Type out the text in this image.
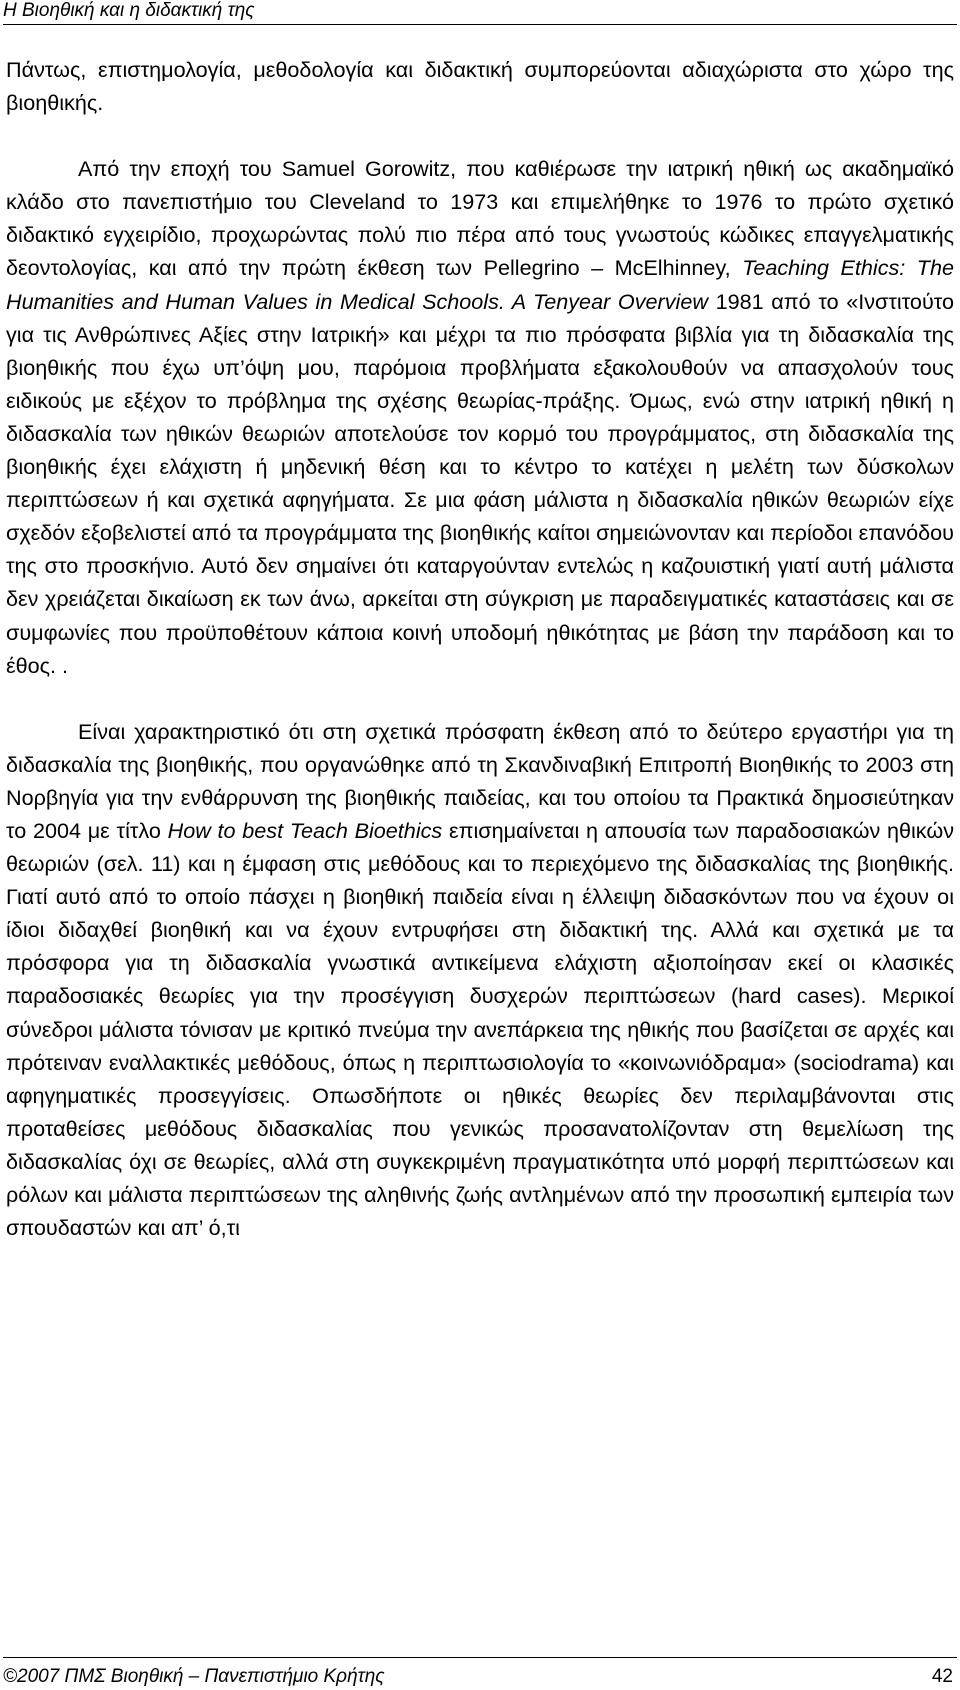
Η Βιοηθική και η διδακτική της

Πάντως, επιστημολογία, μεθοδολογία και διδακτική συμπορεύονται αδιαχώριστα στο χώρο της βιοηθικής.

Από την εποχή του Samuel Gorowitz, που καθιέρωσε την ιατρική ηθική ως ακαδημαϊκό κλάδο στο πανεπιστήμιο του Cleveland το 1973 και επιμελήθηκε το 1976 το πρώτο σχετικό διδακτικό εγχειρίδιο, προχωρώντας πολύ πιο πέρα από τους γνωστούς κώδικες επαγγελματικής δεοντολογίας, και από την πρώτη έκθεση των Pellegrino – McElhinney, Teaching Ethics: The Humanities and Human Values in Medical Schools. A Tenyear Overview 1981 από το «Ινστιτούτο για τις Ανθρώπινες Αξίες στην Ιατρική» και μέχρι τα πιο πρόσφατα βιβλία για τη διδασκαλία της βιοηθικής που έχω υπ’όψη μου, παρόμοια προβλήματα εξακολουθούν να απασχολούν τους ειδικούς με εξέχον το πρόβλημα της σχέσης θεωρίας-πράξης. Όμως, ενώ στην ιατρική ηθική η διδασκαλία των ηθικών θεωριών αποτελούσε τον κορμό του προγράμματος, στη διδασκαλία της βιοηθικής έχει ελάχιστη ή μηδενική θέση και το κέντρο το κατέχει η μελέτη των δύσκολων περιπτώσεων ή και σχετικά αφηγήματα. Σε μια φάση μάλιστα η διδασκαλία ηθικών θεωριών είχε σχεδόν εξοβελιστεί από τα προγράμματα της βιοηθικής καίτοι σημειώνονταν και περίοδοι επανόδου της στο προσκήνιο. Αυτό δεν σημαίνει ότι καταργούνταν εντελώς η καζουιστική γιατί αυτή μάλιστα δεν χρειάζεται δικαίωση εκ των άνω, αρκείται στη σύγκριση με παραδειγματικές καταστάσεις και σε συμφωνίες που προϋποθέτουν κάποια κοινή υποδομή ηθικότητας με βάση την παράδοση και το έθος. .

Είναι χαρακτηριστικό ότι στη σχετικά πρόσφατη έκθεση από το δεύτερο εργαστήρι για τη διδασκαλία της βιοηθικής, που οργανώθηκε από τη Σκανδιναβική Επιτροπή Βιοηθικής το 2003 στη Νορβηγία για την ενθάρρυνση της βιοηθικής παιδείας, και του οποίου τα Πρακτικά δημοσιεύτηκαν το 2004 με τίτλο How to best Teach Bioethics επισημαίνεται η απουσία των παραδοσιακών ηθικών θεωριών (σελ. 11) και η έμφαση στις μεθόδους και το περιεχόμενο της διδασκαλίας της βιοηθικής. Γιατί αυτό από το οποίο πάσχει η βιοηθική παιδεία είναι η έλλειψη διδασκόντων που να έχουν οι ίδιοι διδαχθεί βιοηθική και να έχουν εντρυφήσει στη διδακτική της. Αλλά και σχετικά με τα πρόσφορα για τη διδασκαλία γνωστικά αντικείμενα ελάχιστη αξιοποίησαν εκεί οι κλασικές παραδοσιακές θεωρίες για την προσέγγιση δυσχερών περιπτώσεων (hard cases). Μερικοί σύνεδροι μάλιστα τόνισαν με κριτικό πνεύμα την ανεπάρκεια της ηθικής που βασίζεται σε αρχές και πρότειναν εναλλακτικές μεθόδους, όπως η περιπτωσιολογία το «κοινωνιόδραμα» (sociodrama) και αφηγηματικές προσεγγίσεις. Οπωσδήποτε οι ηθικές θεωρίες δεν περιλαμβάνονται στις προταθείσες μεθόδους διδασκαλίας που γενικώς προσανατολίζονταν στη θεμελίωση της διδασκαλίας όχι σε θεωρίες, αλλά στη συγκεκριμένη πραγματικότητα υπό μορφή περιπτώσεων και ρόλων και μάλιστα περιπτώσεων της αληθινής ζωής αντλημένων από την προσωπική εμπειρία των σπουδαστών και απ’ ό,τι

©2007 ΠΜΣ Βιοηθική – Πανεπιστήμιο Κρήτης	42
